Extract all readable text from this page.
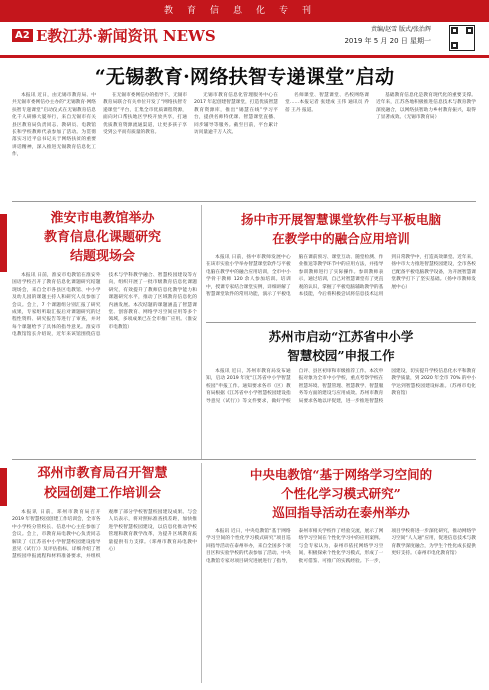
教育信息化专刊
A2 E教江苏·新闻资讯 NEWS	责编/赵雪 版式/张治辉
2019 年 5 月 20 日 星期一
“无锡教育·网络扶智专递课堂”启动

本报讯 近日，由无锡市教育局、中共无锡市委网信办主办的“无锡教育·网络扶智专递课堂”启动仪式在无锡教育信息化千人研修大厦举行，来自无锡市有关县区教育局负责同志、教研员、电教馆长和学校教师代表参加了活动。为贯彻落实习近平总书记关于网络扶贫的重要讲话精神，深入推进无锡教育信息化工作，

在无锡市委网信办的指导下，无锡市教育局联合有关单位开发了“网络扶智专递课堂”平台，汇集全市优质课程资源，面向对口帮扶地区学校开放共享，打通优质教育资源流通渠道，让更多孩子享受到公平而有质量的教育。

无锡市教育信息化管理服务中心在 2017 年起创建智慧课堂，打造优质智慧教育资源库，推出“锡慧在线”学习平台，提供名师特优课、智慧课堂直播、同步辅导等服务。截至目前，平台累计访问量逾千万人次。

名师课堂、智慧课堂、名校网络课堂……本报记者 张建成 王伟 通讯员 乔蓓 王丹 报道。

基础教育信息化是教育现代化的重要支撑。近年来，江苏各地积极推进信息技术与教育教学深度融合，以网络扶智助力乡村教育振兴，取得了显著成效。（无锡市教育局）

淮安市电教馆举办
教育信息化课题研究
结题现场会

本报讯 日前，淮安市电教馆在淮安外国语学校召开了教育信息化课题研究结题现场会，来自全市各县区电教馆、中小学及幼儿园的课题主持人和研究人员参加了会议。会上，7 个课题组分别汇报了研究成果，专家组听取汇报后对课题研究的过程性资料、研究报告等进行了审查，并对每个课题给予了具体的指导意见。淮安市电教馆馆长介绍说，近年来该馆围绕信息技术与学科教学融合、智慧校园建设等方向，组织开展了一批市级教育信息化课题研究，有效提升了教师信息化教学能力和课题研究水平，推动了区域教育信息化的内涵发展。本次结题的课题涵盖了智慧课堂、创客教育、网络学习空间应用等多个领域，多项成果已在全市推广应用。（淮安市电教馆）

扬中市开展智慧课堂软件与平板电脑
在教学中的融合应用培训

本报讯 日前，扬中市教师发展中心在该市实验小学举办智慧课堂软件与平板电脑在教学中的融合应用培训，全市中小学骨干教师 120 余人参加培训。培训中，授课专家结合课堂实例，详细讲解了智慧课堂软件的常用功能，演示了平板电脑在课前预习、课堂互动、随堂检测、作业推送等教学环节中的应用方法，并指导参训教师进行了实际操作。参训教师表示，通过培训，自己对智慧课堂有了更直观的认识，掌握了平板电脑辅助教学的基本技能，今后将积极尝试将信息技术运用到日常教学中，打造高效课堂。近年来，扬中市大力推进智慧校园建设，全市各校已配备平板电脑教学设备，为开展智慧课堂教学打下了坚实基础。（扬中市教师发展中心）

苏州市启动“江苏省中小学
智慧校园”申报工作

本报讯 近日，苏州市教育局发布通知，启动 2019 年度“江苏省中小学智慧校园”申报工作。通知要求各市（区）教育局根据《江苏省中小学智慧校园建设指导意见（试行）》等文件要求，做好学校自评、县区初审和市级推荐工作。本次申报对象为全市中小学校，重点考察学校在智慧环境、智慧管理、智慧教学、智慧服务等方面的建设与应用成效。苏州市教育局要求各地以评促建，进一步推进智慧校园建设，切实提升学校信息化水平和教育教学质量，到 2020 年全市 70% 的中小学达到智慧校园建设标准。（苏州市电化教育馆）

邳州市教育局召开智慧
校园创建工作培训会

本报讯 日前，邳州市教育局召开 2019 年智慧校园创建工作培训会，全市各中小学校分管校长、信息中心主任参加了会议。会上，市教育局电教中心负责同志解读了《江苏省中小学智慧校园建设指导意见（试行）》及评估指标，详细介绍了智慧校园申报流程和材料准备要求，并组织观摩了部分学校智慧校园建设成果。与会人员表示，将对照标准查找差距，加快推进学校智慧校园建设，以信息化推动学校管理和教育教学改革，为提升区域教育质量提供有力支撑。（邳州市教育局电教中心）

中央电教馆“基于网络学习空间的
个性化学习模式研究”
巡回指导活动在泰州举办

本报讯 近日，中央电教馆“基于网络学习空间的个性化学习模式研究”项目巡回指导活动在泰州举办，来自全国多个项目区和实验学校的代表参加了活动。中央电教馆专家对项目研究进展进行了指导，泰州市相关学校作了经验交流，展示了网络学习空间在个性化学习中的应用案例。与会专家认为，泰州市依托网络学习空间，积极探索个性化学习模式，形成了一批可借鉴、可推广的实践经验。下一步，项目学校将进一步深化研究，推动网络学习空间“人人通”应用，促进信息技术与教育教学深度融合，为学生个性化成长提供更好支持。（泰州市电化教育馆）
